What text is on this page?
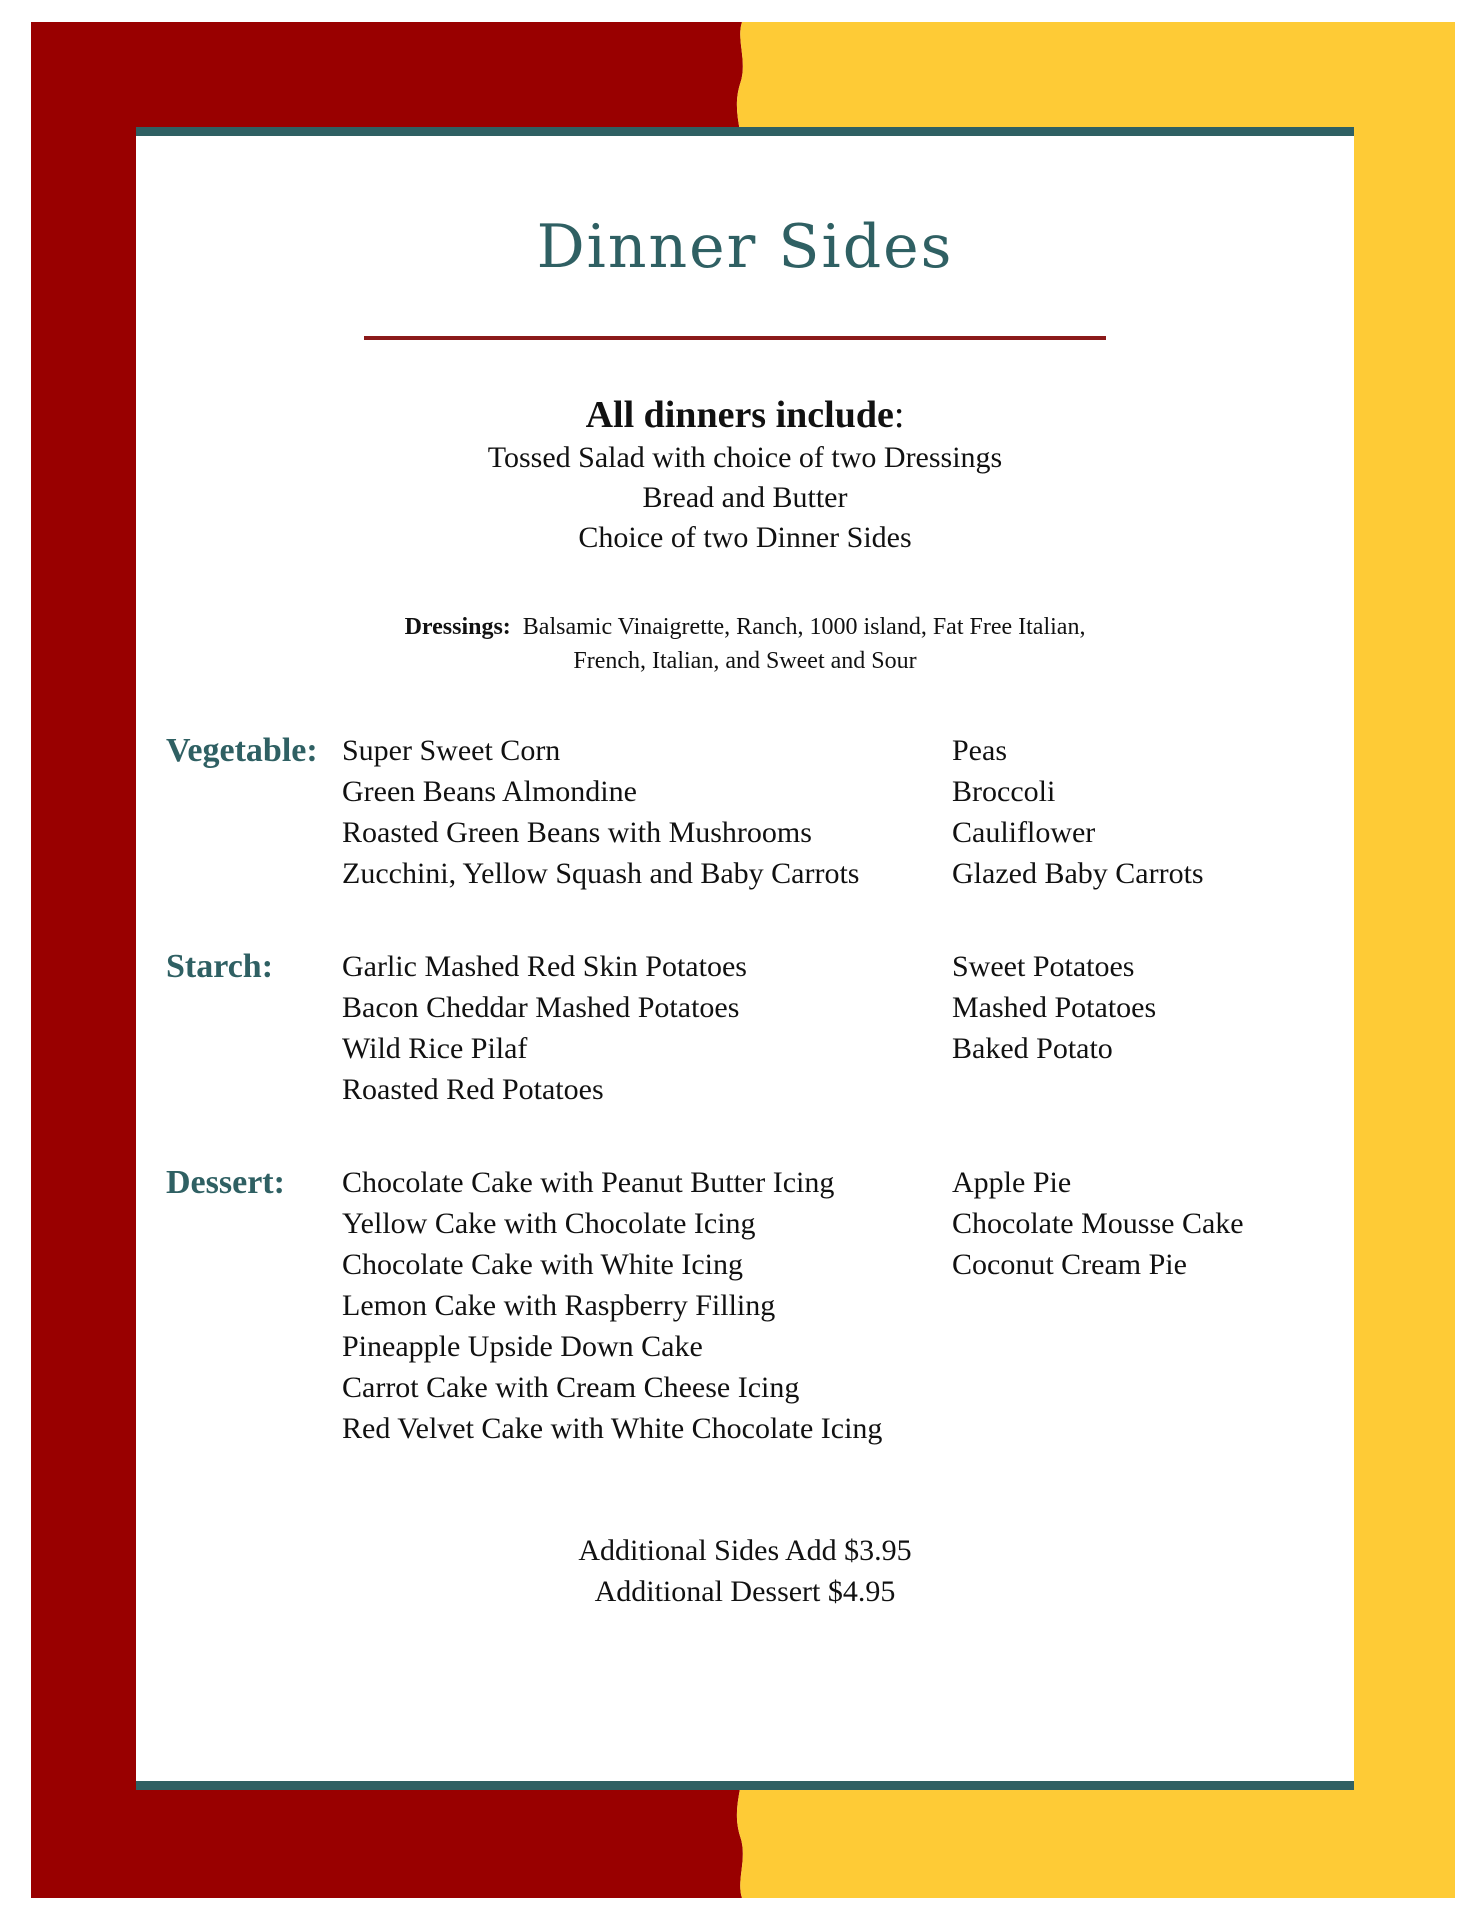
Dinner Sides
All dinners include:
Tossed Salad with choice of two Dressings
Bread and Butter
Choice of two Dinner Sides
Dressings: Balsamic Vinaigrette, Ranch, 1000 island, Fat Free Italian,
French, Italian, and Sweet and Sour
Vegetable: Super Sweet Corn
Green Beans Almondine
Roasted Green Beans with Mushrooms
Zucchini, Yellow Squash and Baby Carrots
Peas
Broccoli
Cauliflower
Glazed Baby Carrots
Starch: Garlic Mashed Red Skin Potatoes
Bacon Cheddar Mashed Potatoes
Wild Rice Pilaf
Roasted Red Potatoes
Sweet Potatoes
Mashed Potatoes
Baked Potato
Dessert: Chocolate Cake with Peanut Butter Icing
Yellow Cake with Chocolate Icing
Chocolate Cake with White Icing
Lemon Cake with Raspberry Filling
Pineapple Upside Down Cake
Carrot Cake with Cream Cheese Icing
Red Velvet Cake with White Chocolate Icing
Apple Pie
Chocolate Mousse Cake
Coconut Cream Pie
Additional Sides Add $3.95
Additional Dessert $4.95
